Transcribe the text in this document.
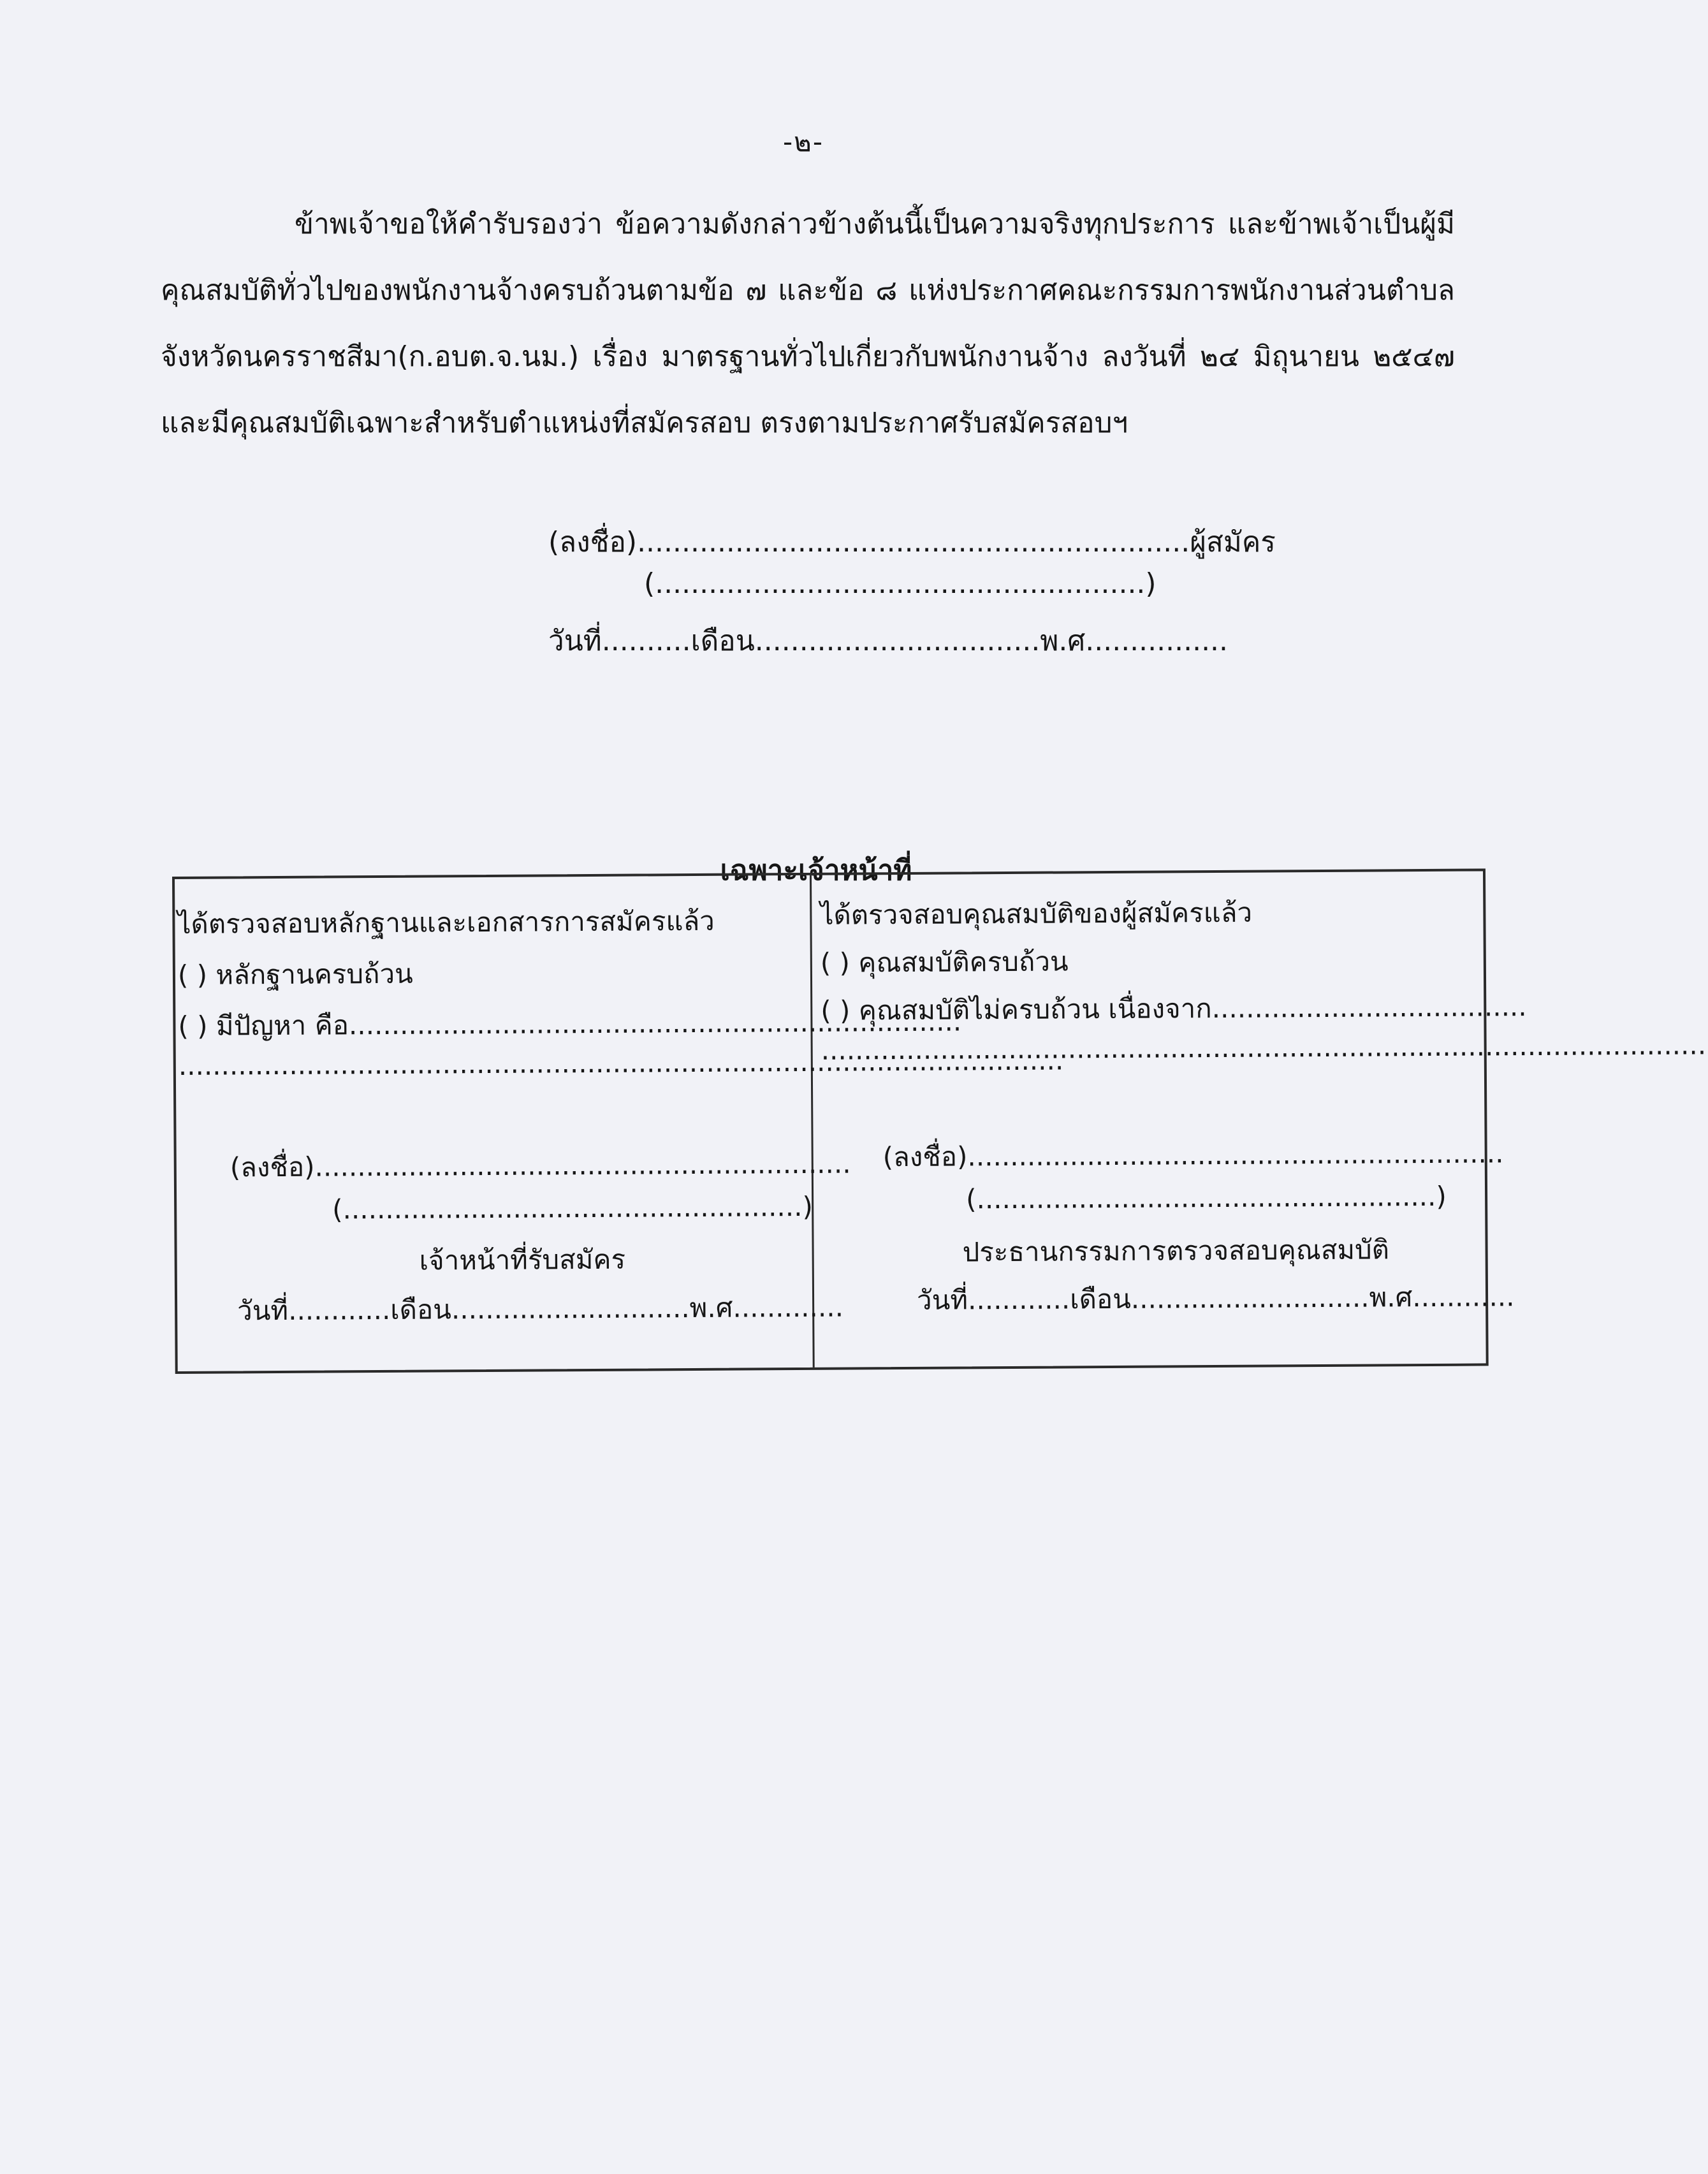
-๒-

ข้าพเจ้าขอให้คำรับรองว่า ข้อความดังกล่าวข้างต้นนี้เป็นความจริงทุกประการ และข้าพเจ้าเป็นผู้มีคุณสมบัติทั่วไปของพนักงานจ้างครบถ้วนตามข้อ ๗ และข้อ ๘ แห่งประกาศคณะกรรมการพนักงานส่วนตำบลจังหวัดนครราชสีมา(ก.อบต.จ.นม.) เรื่อง มาตรฐานทั่วไปเกี่ยวกับพนักงานจ้าง ลงวันที่ ๒๔ มิถุนายน ๒๕๔๗ และมีคุณสมบัติเฉพาะสำหรับตำแหน่งที่สมัครสอบ ตรงตามประกาศรับสมัครสอบฯ

(ลงชื่อ)..............................................................ผู้สมัคร
(.......................................................)
วันที่..........เดือน................................พ.ศ................
เฉพาะเจ้าหน้าที่
ได้ตรวจสอบหลักฐานและเอกสารการสมัครแล้ว
( ) หลักฐานครบถ้วน
( ) มีปัญหา คือ........................................................................
........................................................................................................
(ลงชื่อ)...............................................................
(......................................................)
เจ้าหน้าที่รับสมัคร
วันที่............เดือน............................พ.ศ.............
ได้ตรวจสอบคุณสมบัติของผู้สมัครแล้ว
( ) คุณสมบัติครบถ้วน
( ) คุณสมบัติไม่ครบถ้วน เนื่องจาก.....................................
........................................................................................................
(ลงชื่อ)...............................................................
(......................................................)
ประธานกรรมการตรวจสอบคุณสมบัติ
วันที่............เดือน............................พ.ศ............
